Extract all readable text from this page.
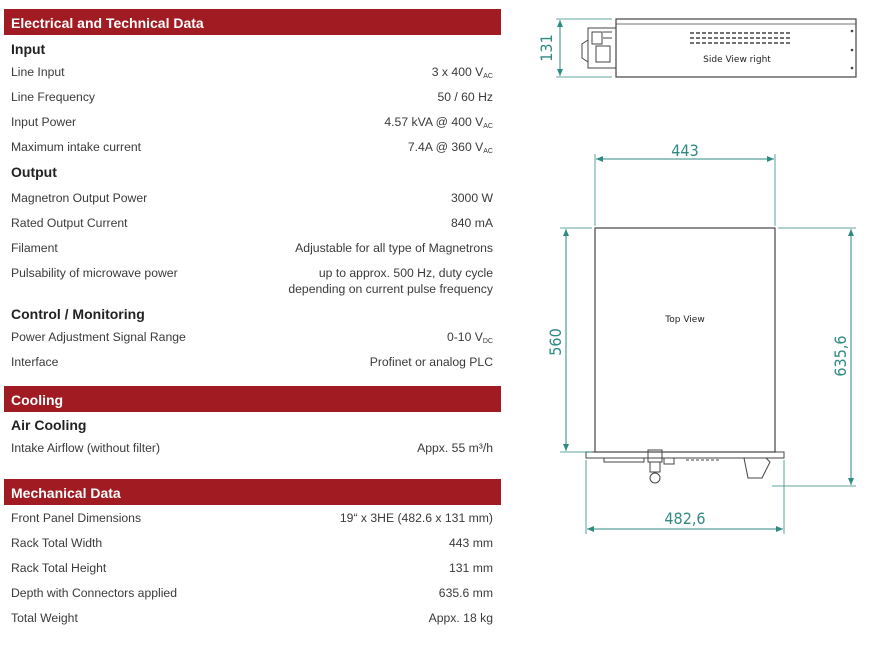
Electrical and Technical Data
Input
Line Input	3 x 400 $V_{AC}$
Line Frequency	50 / 60 Hz
Input Power	4.57 kVA @ 400 $V_{AC}$
Maximum intake current	7.4A @ 360 $V_{AC}$
Output
Magnetron Output Power	3000 W
Rated Output Current	840 mA
Filament	Adjustable for all type of Magnetrons
Pulsability of microwave power	up to approx. 500 Hz, duty cycle
depending on current pulse frequency
Control / Monitoring
Power Adjustment Signal Range	0-10 $V_{DC}$
Interface	Profinet or analog PLC
Cooling
Air Cooling
Intake Airflow (without filter)	Appx. 55 m³/h
Mechanical Data
Front Panel Dimensions	19“ x 3HE (482.6 x 131 mm)
Rack Total Width	443 mm
Rack Total Height	131 mm
Depth with Connectors applied	635.6 mm
Total Weight	Appx. 18 kg
Side View right
131
443
Top View
560	635,6
482,6
